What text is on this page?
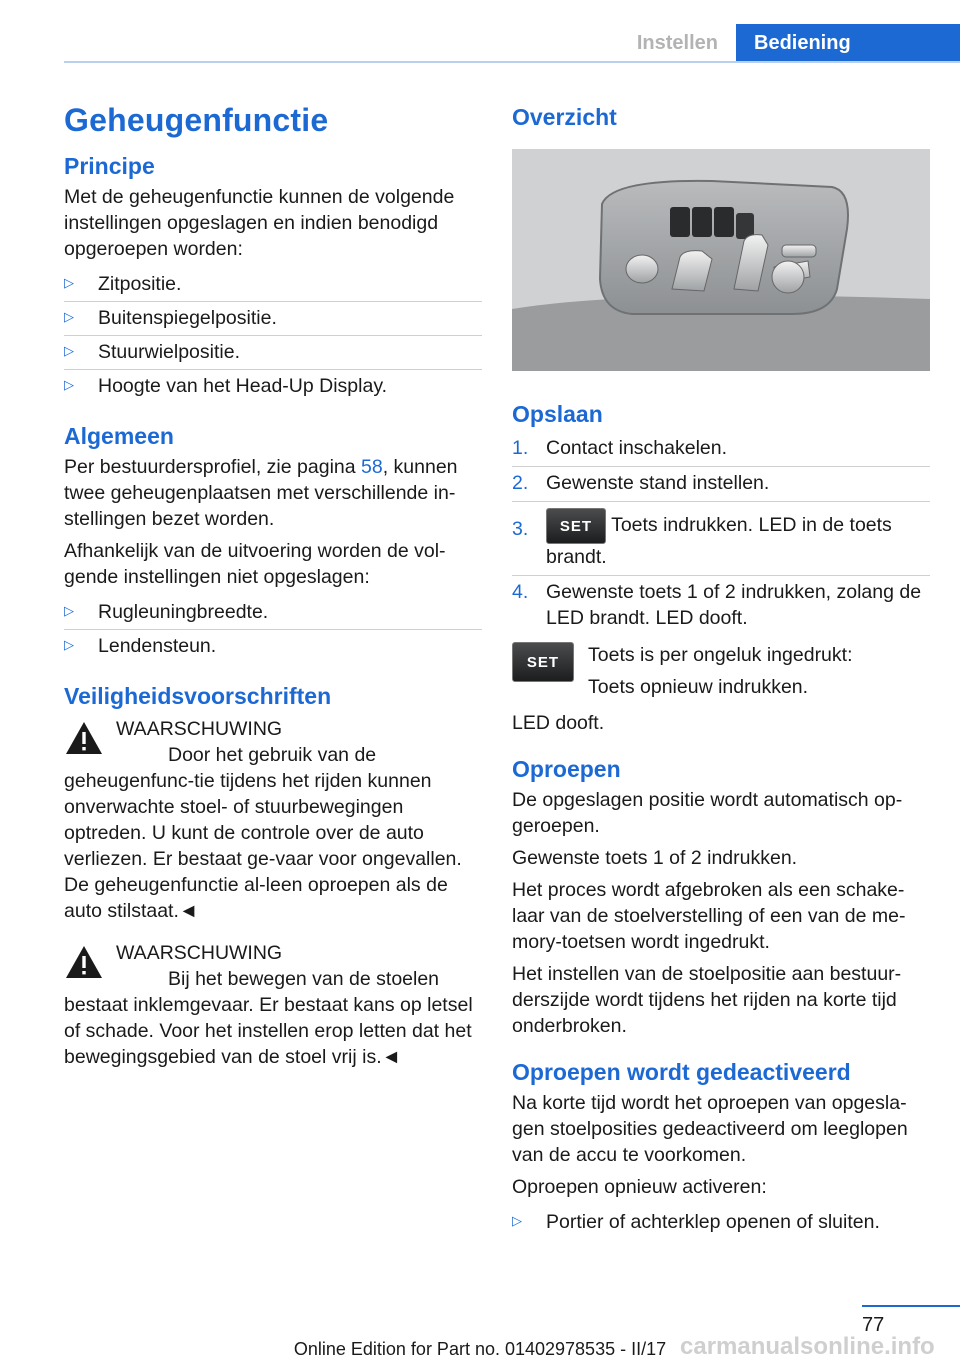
Instellen	Bediening
Geheugenfunctie
Principe

Met de geheugenfunctie kunnen de volgende instellingen opgeslagen en indien benodigd opgeroepen worden:

▷ Zitpositie.
▷ Buitenspiegelpositie.
▷ Stuurwielpositie.
▷ Hoogte van het Head-Up Display.
Algemeen

Per bestuurdersprofiel, zie pagina 58, kunnen twee geheugenplaatsen met verschillende in-stellingen bezet worden.

Afhankelijk van de uitvoering worden de vol-gende instellingen niet opgeslagen:

▷ Rugleuningbreedte.
▷ Lendensteun.
Veiligheidsvoorschriften
WAARSCHUWING
Door het gebruik van de geheugenfunc-tie tijdens het rijden kunnen onverwachte stoel- of stuurbewegingen optreden. U kunt de controle over de auto verliezen. Er bestaat ge-vaar voor ongevallen. De geheugenfunctie al-leen oproepen als de auto stilstaat.◄
WAARSCHUWING
Bij het bewegen van de stoelen bestaat inklemgevaar. Er bestaat kans op letsel of schade. Voor het instellen erop letten dat het bewegingsgebied van de stoel vrij is.◄
Overzicht
Opslaan
1. Contact inschakelen.
2. Gewenste stand instellen.
3. SET Toets indrukken. LED in de toets brandt.
4. Gewenste toets 1 of 2 indrukken, zolang de LED brandt. LED dooft.
SET	Toets is per ongeluk ingedrukt:

Toets opnieuw indrukken.

LED dooft.

Oproepen

De opgeslagen positie wordt automatisch op-geroepen.

Gewenste toets 1 of 2 indrukken.

Het proces wordt afgebroken als een schake-laar van de stoelverstelling of een van de me-mory-toetsen wordt ingedrukt.

Het instellen van de stoelpositie aan bestuur-derszijde wordt tijdens het rijden na korte tijd onderbroken.

Oproepen wordt gedeactiveerd

Na korte tijd wordt het oproepen van opgesla-gen stoelposities gedeactiveerd om leeglopen van de accu te voorkomen.

Oproepen opnieuw activeren:

▷ Portier of achterklep openen of sluiten.
77
carmanualsonline.info
Online Edition for Part no. 01402978535 - II/17
